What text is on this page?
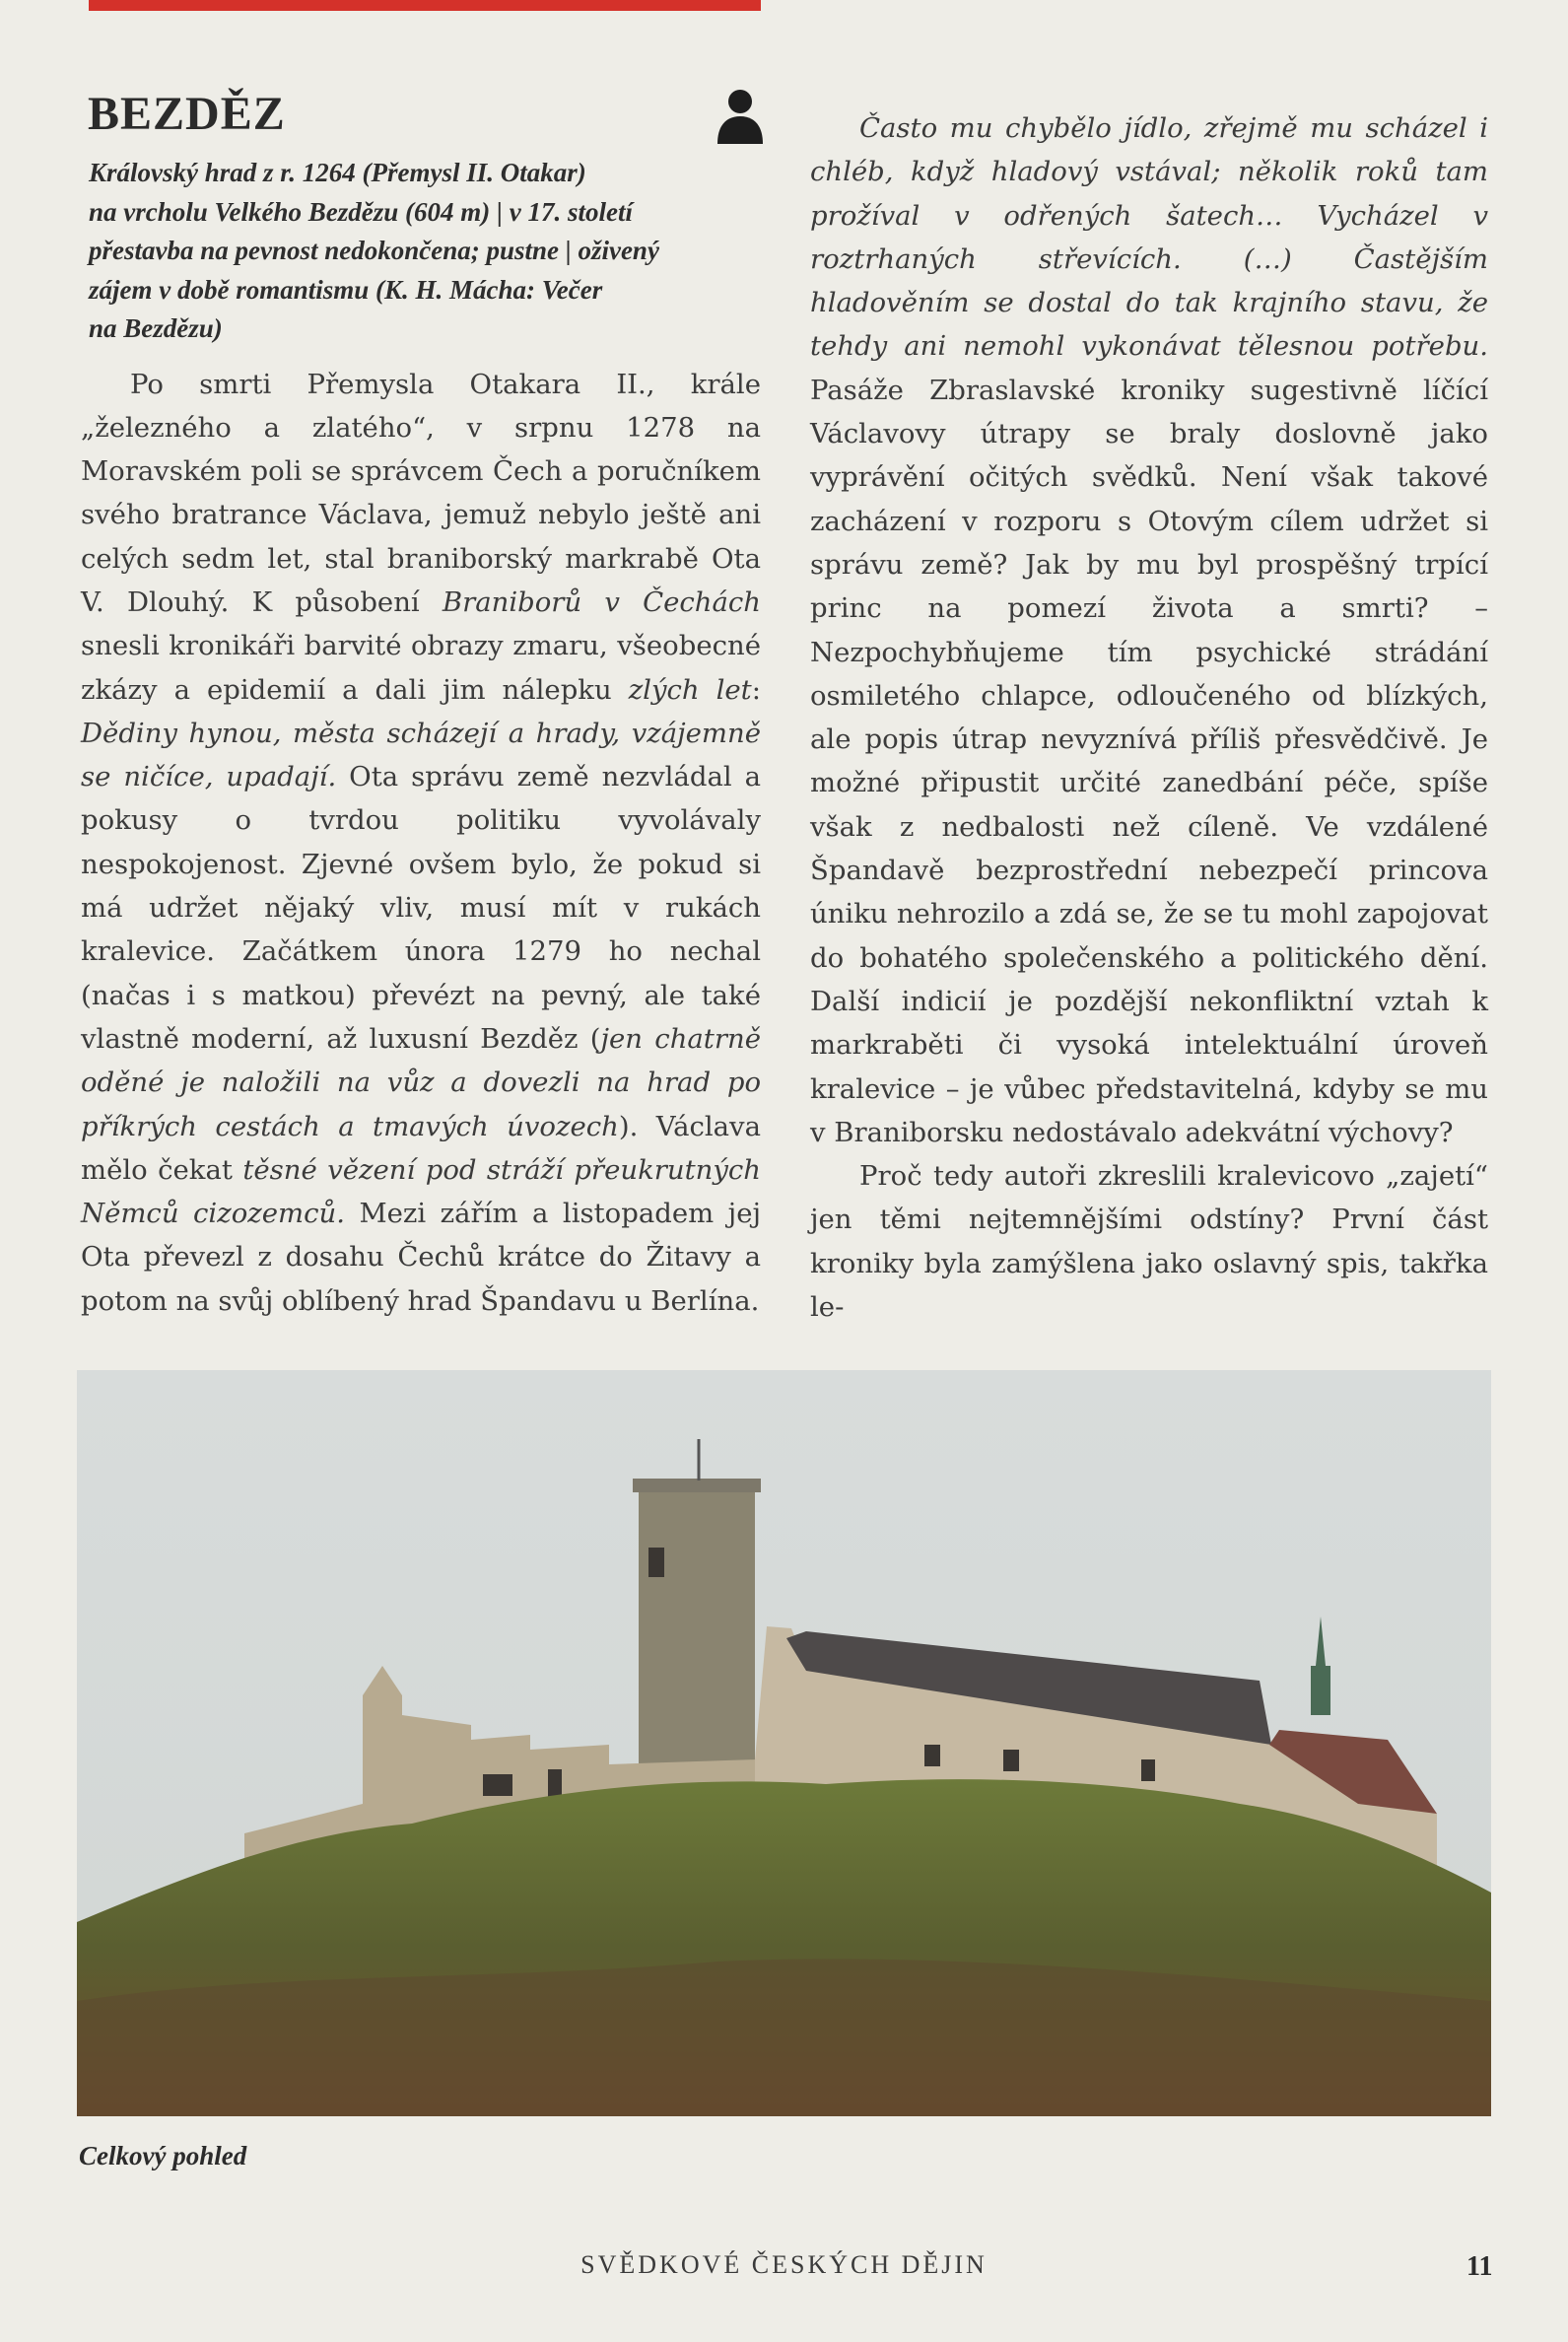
BEZDĚZ
Královský hrad z r. 1264 (Přemysl II. Otakar)
na vrcholu Velkého Bezdězu (604 m) | v 17. století
přestavba na pevnost nedokončena; pustne | oživený
zájem v době romantismu (K. H. Mácha: Večer
na Bezdězu)

Po smrti Přemysla Otakara II., krále „železného a zlatého“, v srpnu 1278 na Moravském poli se správcem Čech a poručníkem svého bratrance Václava, jemuž nebylo ještě ani celých sedm let, stal braniborský markrabě Ota V. Dlouhý. K působení Braniborů v Čechách snesli kronikáři barvité obrazy zmaru, všeobecné zkázy a epidemií a dali jim nálepku zlých let: Dědiny hynou, města scházejí a hrady, vzájemně se ničíce, upadají. Ota správu země nezvládal a pokusy o tvrdou politiku vyvolávaly nespokojenost. Zjevné ovšem bylo, že pokud si má udržet nějaký vliv, musí mít v rukách kralevice. Začátkem února 1279 ho nechal (načas i s matkou) převézt na pevný, ale také vlastně moderní, až luxusní Bezděz (jen chatrně oděné je naložili na vůz a dovezli na hrad po příkrých cestách a tmavých úvozech). Václava mělo čekat těsné vězení pod stráží přeukrutných Němců cizozemců. Mezi zářím a listopadem jej Ota převezl z dosahu Čechů krátce do Žitavy a potom na svůj oblíbený hrad Špandavu u Berlína.

Často mu chybělo jídlo, zřejmě mu scházel i chléb, když hladový vstával; několik roků tam prožíval v odřených šatech… Vycházel v roztrhaných střevících. (…) Častějším hladověním se dostal do tak krajního stavu, že tehdy ani nemohl vykonávat tělesnou potřebu. Pasáže Zbraslavské kroniky sugestivně líčící Václavovy útrapy se braly doslovně jako vyprávění očitých svědků. Není však takové zacházení v rozporu s Otovým cílem udržet si správu země? Jak by mu byl prospěšný trpící princ na pomezí života a smrti? – Nezpochybňujeme tím psychické strádání osmiletého chlapce, odloučeného od blízkých, ale popis útrap nevyznívá příliš přesvědčivě. Je možné připustit určité zanedbání péče, spíše však z nedbalosti než cíleně. Ve vzdálené Špandavě bezprostřední nebezpečí princova úniku nehrozilo a zdá se, že se tu mohl zapojovat do bohatého společenského a politického dění. Další indicií je pozdější nekonfliktní vztah k markraběti či vysoká intelektuální úroveň kralevice – je vůbec představitelná, kdyby se mu v Braniborsku nedostávalo adekvátní výchovy?

Proč tedy autoři zkreslili kralevicovo „zajetí“ jen těmi nejtemnějšími odstíny? První část kroniky byla zamýšlena jako oslavný spis, takřka le-

Celkový pohled
SVĚDKOVÉ ČESKÝCH DĚJIN	11
